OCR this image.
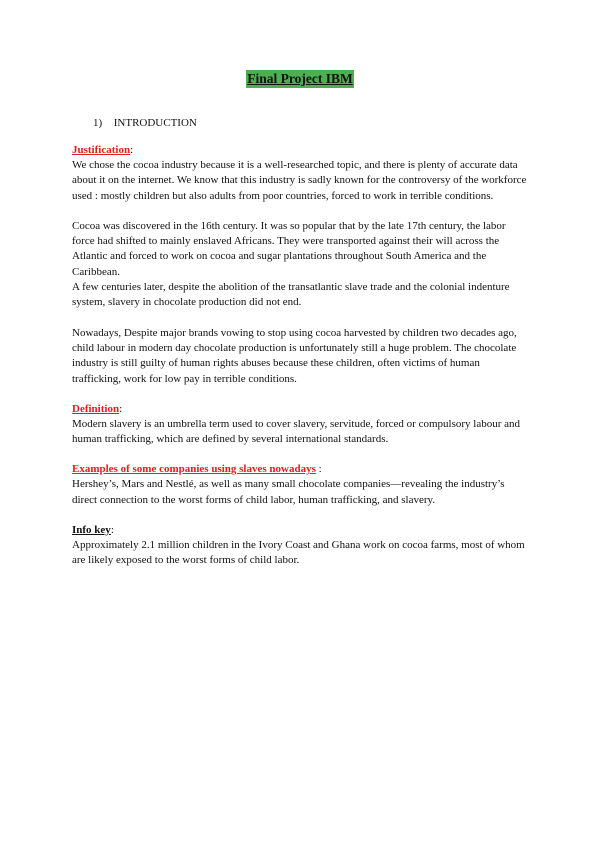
Final Project IBM
1) INTRODUCTION
Justification:

We chose the cocoa industry because it is a well-researched topic, and there is plenty of accurate data about it on the internet. We know that this industry is sadly known for the controversy of the workforce used : mostly children but also adults from poor countries, forced to work in terrible conditions.

Cocoa was discovered in the 16th century. It was so popular that by the late 17th century, the labor force had shifted to mainly enslaved Africans. They were transported against their will across the Atlantic and forced to work on cocoa and sugar plantations throughout South America and the Caribbean.

A few centuries later, despite the abolition of the transatlantic slave trade and the colonial indenture system, slavery in chocolate production did not end.

Nowadays, Despite major brands vowing to stop using cocoa harvested by children two decades ago, child labour in modern day chocolate production is unfortunately still a huge problem. The chocolate industry is still guilty of human rights abuses because these children, often victims of human trafficking, work for low pay in terrible conditions.

Definition:

Modern slavery is an umbrella term used to cover slavery, servitude, forced or compulsory labour and human trafficking, which are defined by several international standards.

Examples of some companies using slaves nowadays :

Hershey’s, Mars and Nestlé, as well as many small chocolate companies—revealing the industry’s direct connection to the worst forms of child labor, human trafficking, and slavery.

Info key:

Approximately 2.1 million children in the Ivory Coast and Ghana work on cocoa farms, most of whom are likely exposed to the worst forms of child labor.
